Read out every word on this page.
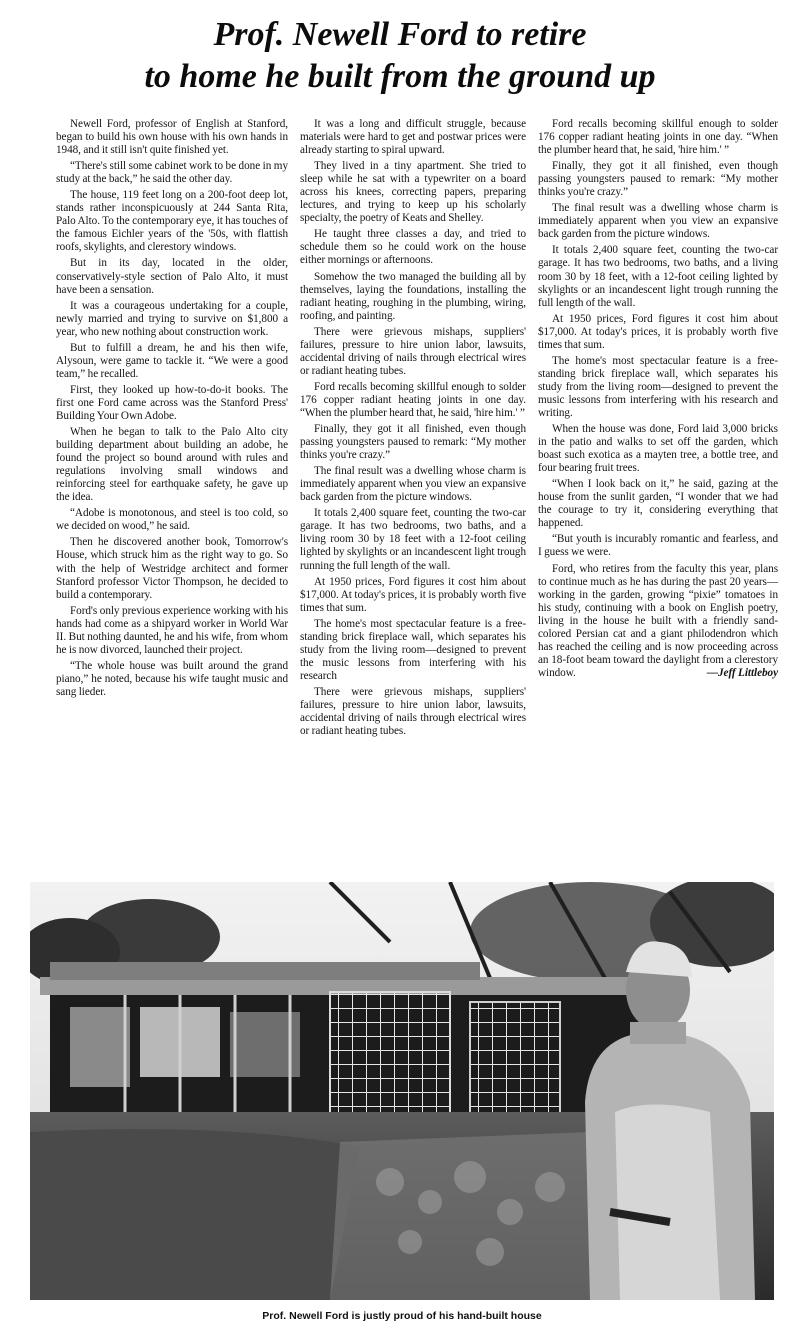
Prof. Newell Ford to retire
to home he built from the ground up

Newell Ford, professor of English at Stanford, began to build his own house with his own hands in 1948, and it still isn't quite finished yet.

“There's still some cabinet work to be done in my study at the back,” he said the other day.

The house, 119 feet long on a 200-foot deep lot, stands rather inconspicuously at 244 Santa Rita, Palo Alto. To the contemporary eye, it has touches of the famous Eichler years of the '50s, with flattish roofs, skylights, and clerestory windows.

But in its day, located in the older, conservatively-style section of Palo Alto, it must have been a sensation.

It was a courageous undertaking for a couple, newly married and trying to survive on $1,800 a year, who new nothing about construction work.

But to fulfill a dream, he and his then wife, Alysoun, were game to tackle it. “We were a good team,” he recalled.

First, they looked up how-to-do-it books. The first one Ford came across was the Stanford Press' Building Your Own Adobe.

When he began to talk to the Palo Alto city building department about building an adobe, he found the project so bound around with rules and regulations involving small windows and reinforcing steel for earthquake safety, he gave up the idea.

“Adobe is monotonous, and steel is too cold, so we decided on wood,” he said.

Then he discovered another book, Tomorrow's House, which struck him as the right way to go. So with the help of Westridge architect and former Stanford professor Victor Thompson, he decided to build a contemporary.

Ford's only previous experience working with his hands had come as a shipyard worker in World War II. But nothing daunted, he and his wife, from whom he is now divorced, launched their project.

“The whole house was built around the grand piano,” he noted, because his wife taught music and sang lieder.

It was a long and difficult struggle, because materials were hard to get and postwar prices were already starting to spiral upward.

They lived in a tiny apartment. She tried to sleep while he sat with a typewriter on a board across his knees, correcting papers, preparing lectures, and trying to keep up his scholarly specialty, the poetry of Keats and Shelley.

He taught three classes a day, and tried to schedule them so he could work on the house either mornings or afternoons.

Somehow the two managed the building all by themselves, laying the foundations, installing the radiant heating, roughing in the plumbing, wiring, roofing, and painting.

There were grievous mishaps, suppliers' failures, pressure to hire union labor, lawsuits, accidental driving of nails through electrical wires or radiant heating tubes.

Ford recalls becoming skillful enough to solder 176 copper radiant heating joints in one day. “When the plumber heard that, he said, 'hire him.' ”

Finally, they got it all finished, even though passing youngsters paused to remark: “My mother thinks you're crazy.”

The final result was a dwelling whose charm is immediately apparent when you view an expansive back garden from the picture windows.

It totals 2,400 square feet, counting the two-car garage. It has two bedrooms, two baths, and a living room 30 by 18 feet with a 12-foot ceiling lighted by skylights or an incandescent light trough running the full length of the wall.

At 1950 prices, Ford figures it cost him about $17,000. At today's prices, it is probably worth five times that sum.

The home's most spectacular feature is a free-standing brick fireplace wall, which separates his study from the living room—designed to prevent the music lessons from interfering with his research

There were grievous mishaps, suppliers' failures, pressure to hire union labor, lawsuits, accidental driving of nails through electrical wires or radiant heating tubes.

Ford recalls becoming skillful enough to solder 176 copper radiant heating joints in one day. “When the plumber heard that, he said, 'hire him.' ”

Finally, they got it all finished, even though passing youngsters paused to remark: “My mother thinks you're crazy.”

The final result was a dwelling whose charm is immediately apparent when you view an expansive back garden from the picture windows.

It totals 2,400 square feet, counting the two-car garage. It has two bedrooms, two baths, and a living room 30 by 18 feet, with a 12-foot ceiling lighted by skylights or an incandescent light trough running the full length of the wall.

At 1950 prices, Ford figures it cost him about $17,000. At today's prices, it is probably worth five times that sum.

The home's most spectacular feature is a free-standing brick fireplace wall, which separates his study from the living room—designed to prevent the music lessons from interfering with his research and writing.

When the house was done, Ford laid 3,000 bricks in the patio and walks to set off the garden, which boast such exotica as a mayten tree, a bottle tree, and four bearing fruit trees.

“When I look back on it,” he said, gazing at the house from the sunlit garden, “I wonder that we had the courage to try it, considering everything that happened.

“But youth is incurably romantic and fearless, and I guess we were.

Ford, who retires from the faculty this year, plans to continue much as he has during the past 20 years—working in the garden, growing “pixie” tomatoes in his study, continuing with a book on English poetry, living in the house he built with a friendly sand-colored Persian cat and a giant philodendron which has reached the ceiling and is now proceeding across an 18-foot beam toward the daylight from a clerestory window.	—Jeff Littleboy

Prof. Newell Ford is justly proud of his hand-built house
